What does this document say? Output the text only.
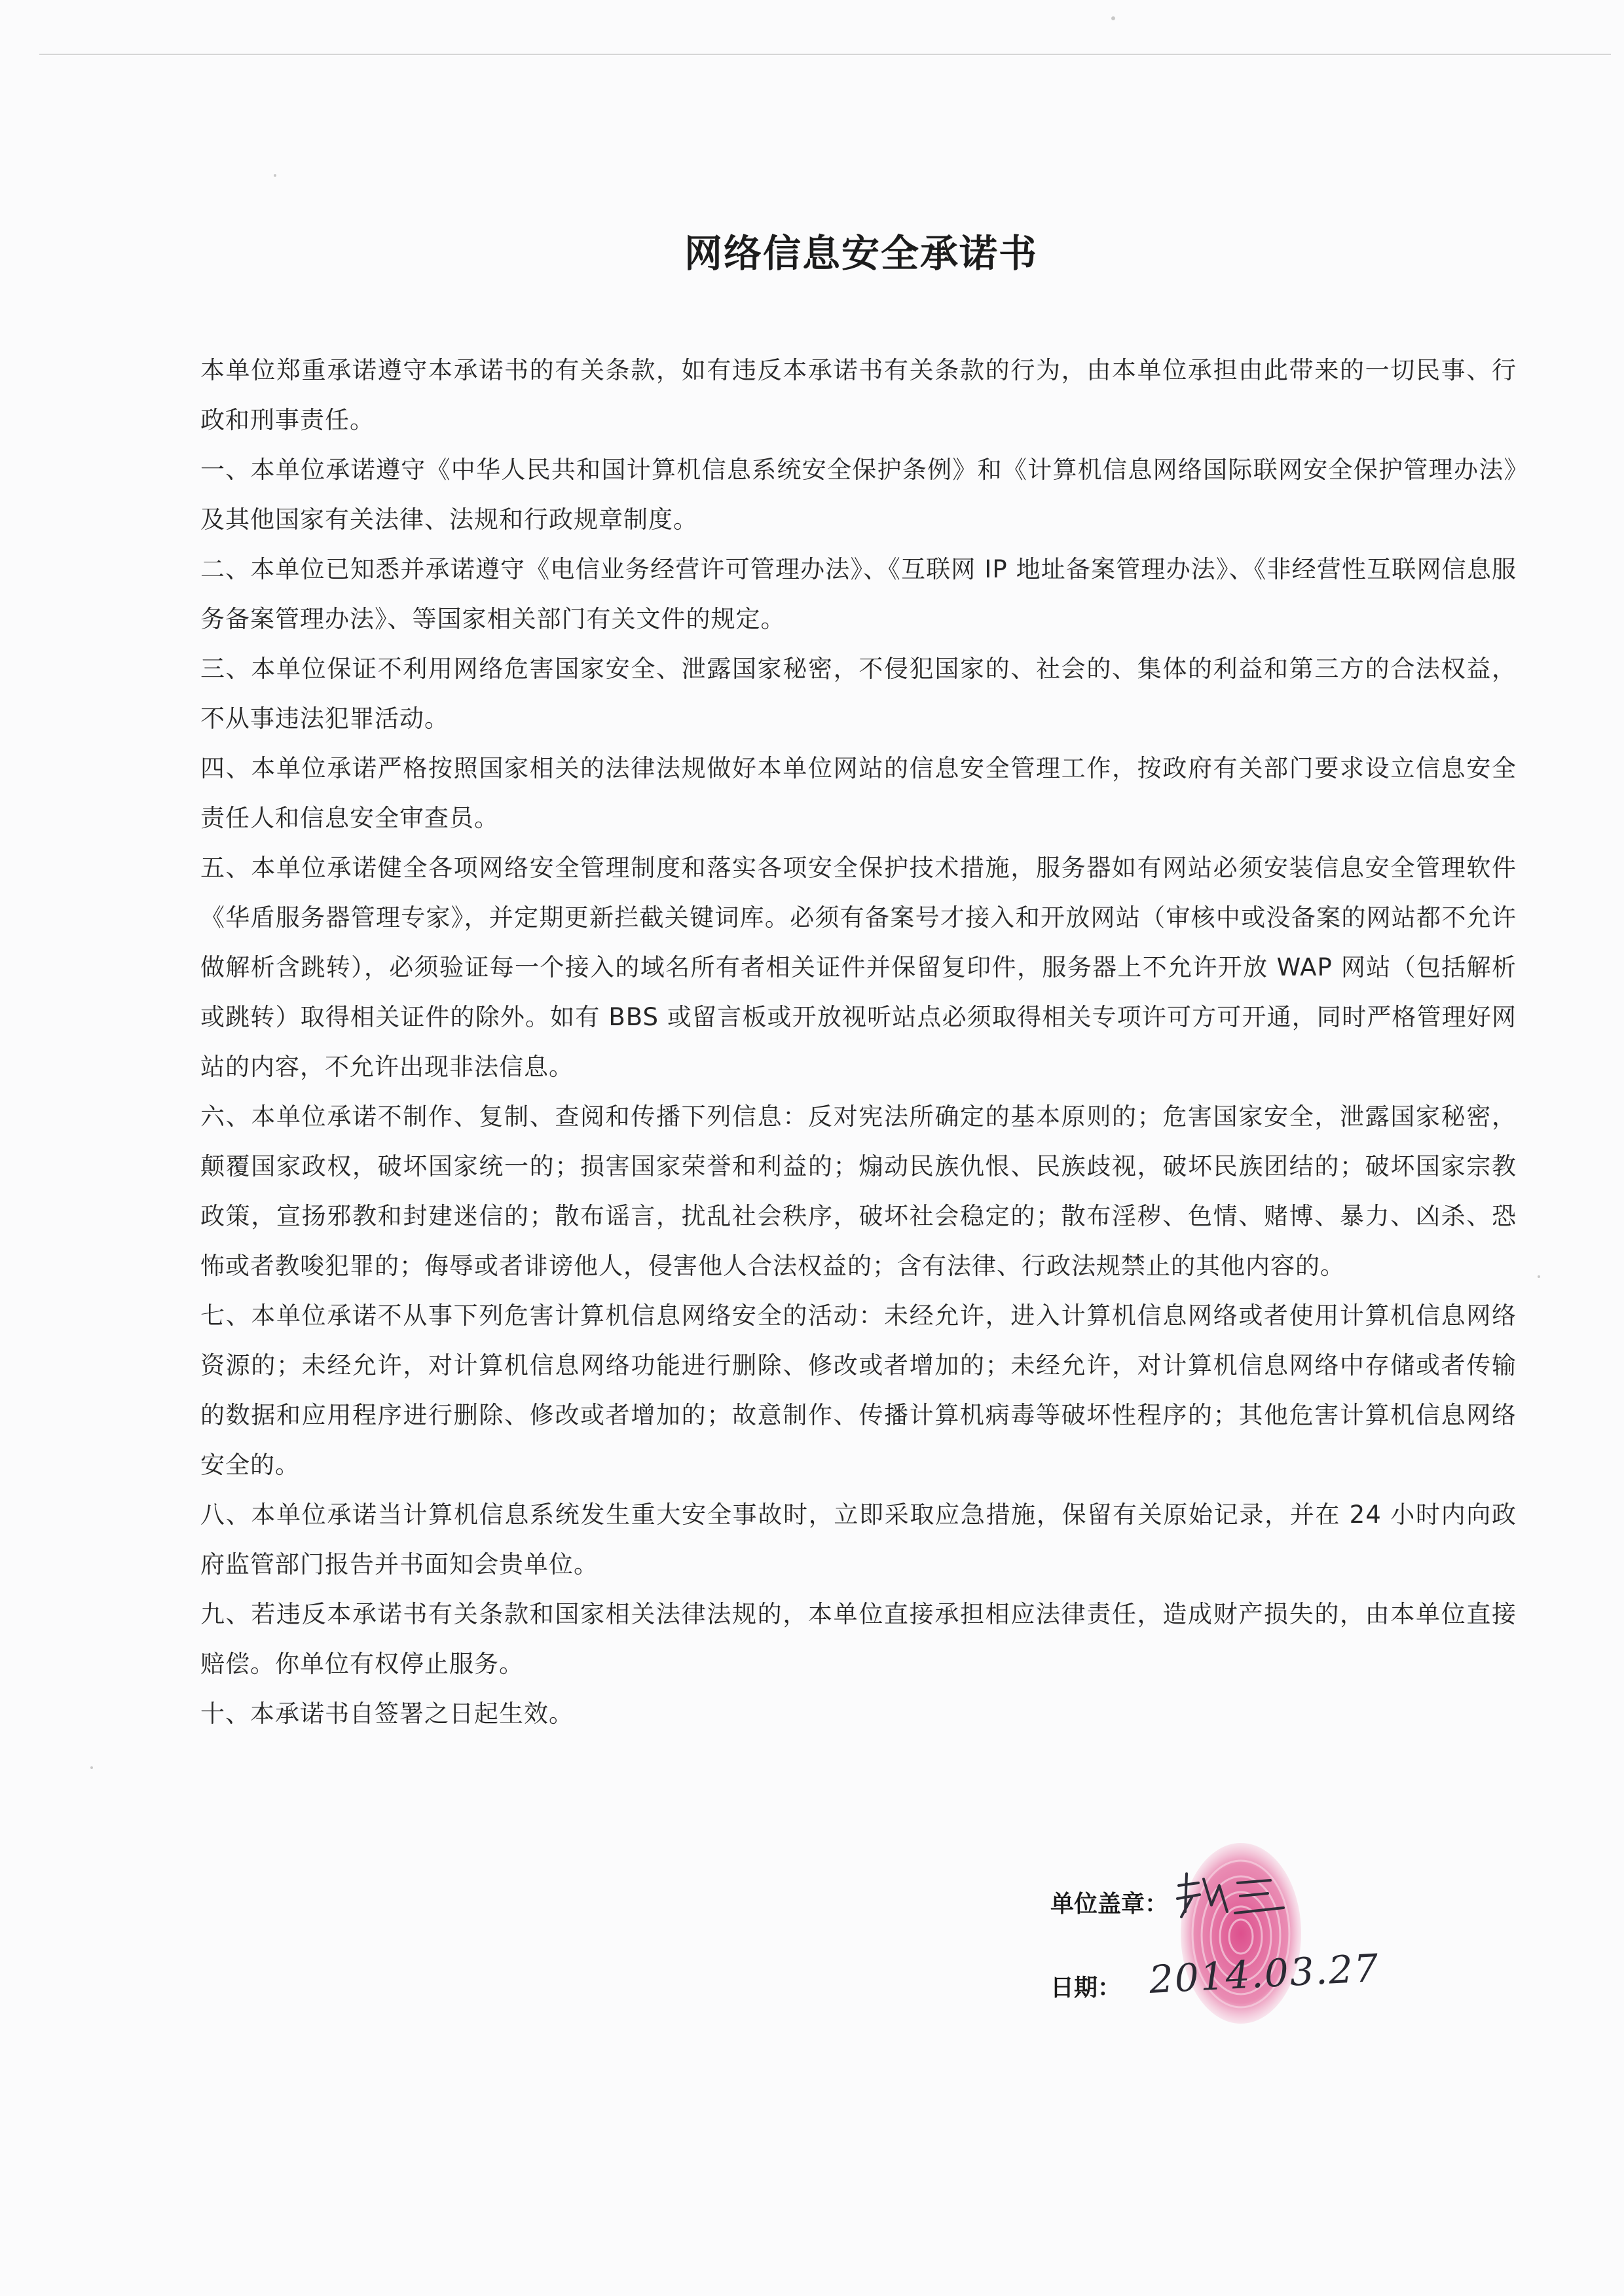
网络信息安全承诺书

本单位郑重承诺遵守本承诺书的有关条款，如有违反本承诺书有关条款的行为，由本单位承担由此带来的一切民事、行政和刑事责任。

一、本单位承诺遵守《中华人民共和国计算机信息系统安全保护条例》和《计算机信息网络国际联网安全保护管理办法》及其他国家有关法律、法规和行政规章制度。

二、本单位已知悉并承诺遵守《电信业务经营许可管理办法》、《互联网 IP 地址备案管理办法》、《非经营性互联网信息服务备案管理办法》、等国家相关部门有关文件的规定。

三、本单位保证不利用网络危害国家安全、泄露国家秘密，不侵犯国家的、社会的、集体的利益和第三方的合法权益，不从事违法犯罪活动。

四、本单位承诺严格按照国家相关的法律法规做好本单位网站的信息安全管理工作，按政府有关部门要求设立信息安全责任人和信息安全审查员。

五、本单位承诺健全各项网络安全管理制度和落实各项安全保护技术措施，服务器如有网站必须安装信息安全管理软件《华盾服务器管理专家》，并定期更新拦截关键词库。必须有备案号才接入和开放网站（审核中或没备案的网站都不允许做解析含跳转），必须验证每一个接入的域名所有者相关证件并保留复印件，服务器上不允许开放 WAP 网站（包括解析或跳转）取得相关证件的除外。如有 BBS 或留言板或开放视听站点必须取得相关专项许可方可开通，同时严格管理好网站的内容，不允许出现非法信息。

六、本单位承诺不制作、复制、查阅和传播下列信息：反对宪法所确定的基本原则的；危害国家安全，泄露国家秘密，颠覆国家政权，破坏国家统一的；损害国家荣誉和利益的；煽动民族仇恨、民族歧视，破坏民族团结的；破坏国家宗教政策，宣扬邪教和封建迷信的；散布谣言，扰乱社会秩序，破坏社会稳定的；散布淫秽、色情、赌博、暴力、凶杀、恐怖或者教唆犯罪的；侮辱或者诽谤他人，侵害他人合法权益的；含有法律、行政法规禁止的其他内容的。

七、本单位承诺不从事下列危害计算机信息网络安全的活动：未经允许，进入计算机信息网络或者使用计算机信息网络资源的；未经允许，对计算机信息网络功能进行删除、修改或者增加的；未经允许，对计算机信息网络中存储或者传输的数据和应用程序进行删除、修改或者增加的；故意制作、传播计算机病毒等破坏性程序的；其他危害计算机信息网络安全的。

八、本单位承诺当计算机信息系统发生重大安全事故时，立即采取应急措施，保留有关原始记录，并在 24 小时内向政府监管部门报告并书面知会贵单位。

九、若违反本承诺书有关条款和国家相关法律法规的，本单位直接承担相应法律责任，造成财产损失的，由本单位直接赔偿。你单位有权停止服务。

十、本承诺书自签署之日起生效。

单位盖章：
日期： 2014.03.27
